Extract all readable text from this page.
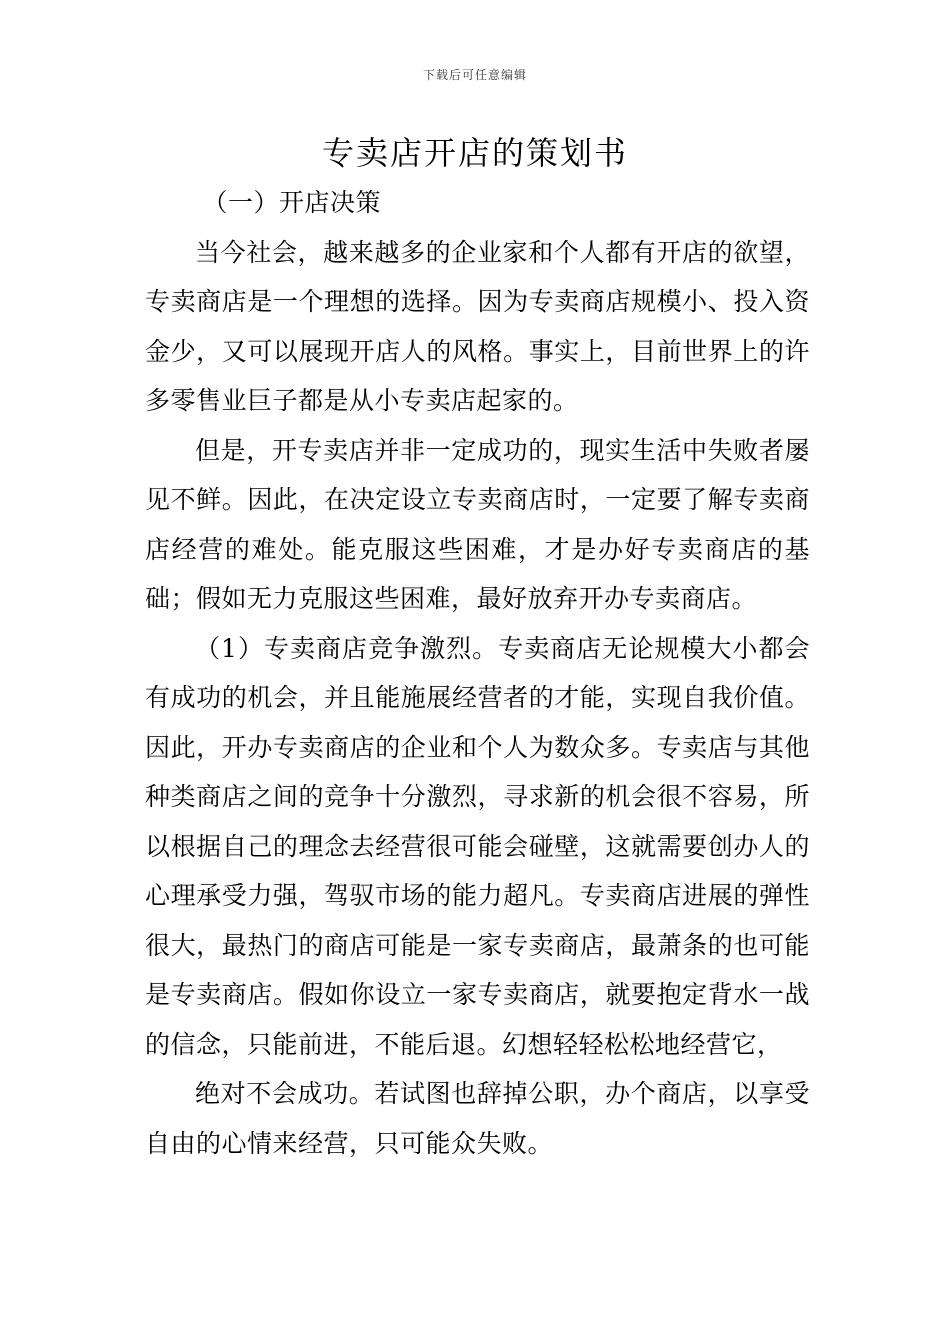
下载后可任意编辑
专卖店开店的策划书

（一）开店决策

当今社会，越来越多的企业家和个人都有开店的欲望，专卖商店是一个理想的选择。因为专卖商店规模小、投入资金少，又可以展现开店人的风格。事实上，目前世界上的许多零售业巨子都是从小专卖店起家的。

但是，开专卖店并非一定成功的，现实生活中失败者屡见不鲜。因此，在决定设立专卖商店时，一定要了解专卖商店经营的难处。能克服这些困难，才是办好专卖商店的基础；假如无力克服这些困难，最好放弃开办专卖商店。

（1）专卖商店竞争激烈。专卖商店无论规模大小都会有成功的机会，并且能施展经营者的才能，实现自我价值。因此，开办专卖商店的企业和个人为数众多。专卖店与其他种类商店之间的竞争十分激烈，寻求新的机会很不容易，所以根据自己的理念去经营很可能会碰壁，这就需要创办人的心理承受力强，驾驭市场的能力超凡。专卖商店进展的弹性很大，最热门的商店可能是一家专卖商店，最萧条的也可能是专卖商店。假如你设立一家专卖商店，就要抱定背水一战的信念，只能前进，不能后退。幻想轻轻松松地经营它，

绝对不会成功。若试图也辞掉公职，办个商店，以享受自由的心情来经营，只可能众失败。
